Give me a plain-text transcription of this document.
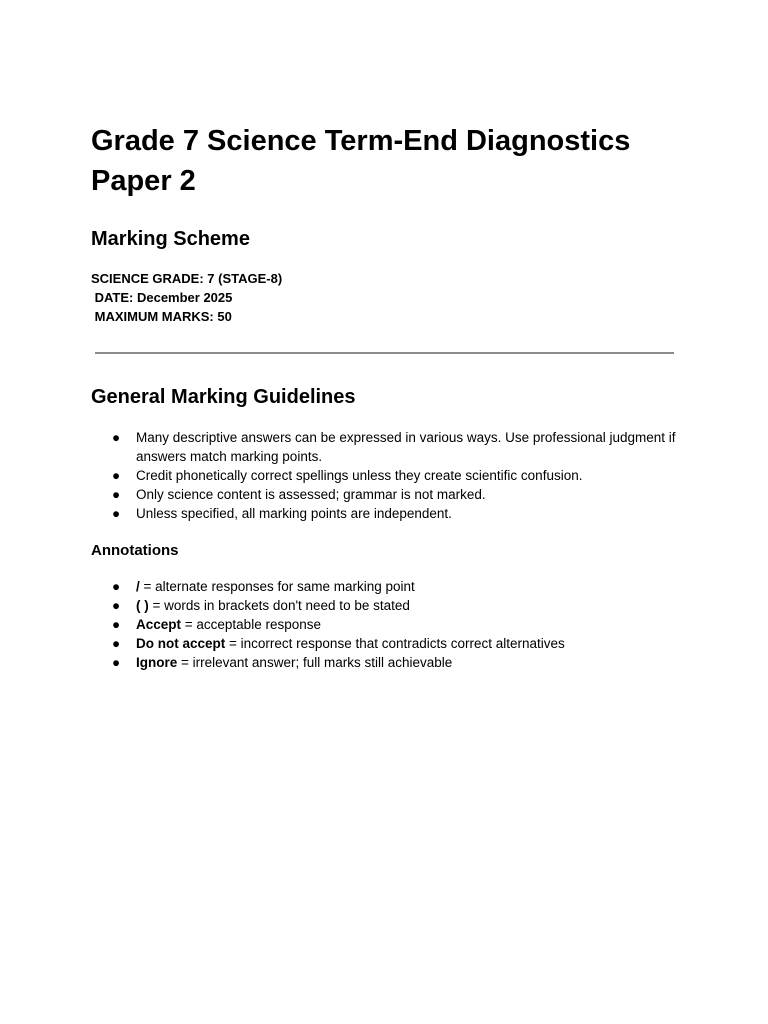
Grade 7 Science Term-End Diagnostics Paper 2
Marking Scheme
SCIENCE GRADE: 7 (STAGE-8)
DATE: December 2025
MAXIMUM MARKS: 50
General Marking Guidelines
● Many descriptive answers can be expressed in various ways. Use professional judgment if answers match marking points.
● Credit phonetically correct spellings unless they create scientific confusion.
● Only science content is assessed; grammar is not marked.
● Unless specified, all marking points are independent.
Annotations
● / = alternate responses for same marking point
● ( ) = words in brackets don't need to be stated
● Accept = acceptable response
● Do not accept = incorrect response that contradicts correct alternatives
● Ignore = irrelevant answer; full marks still achievable
